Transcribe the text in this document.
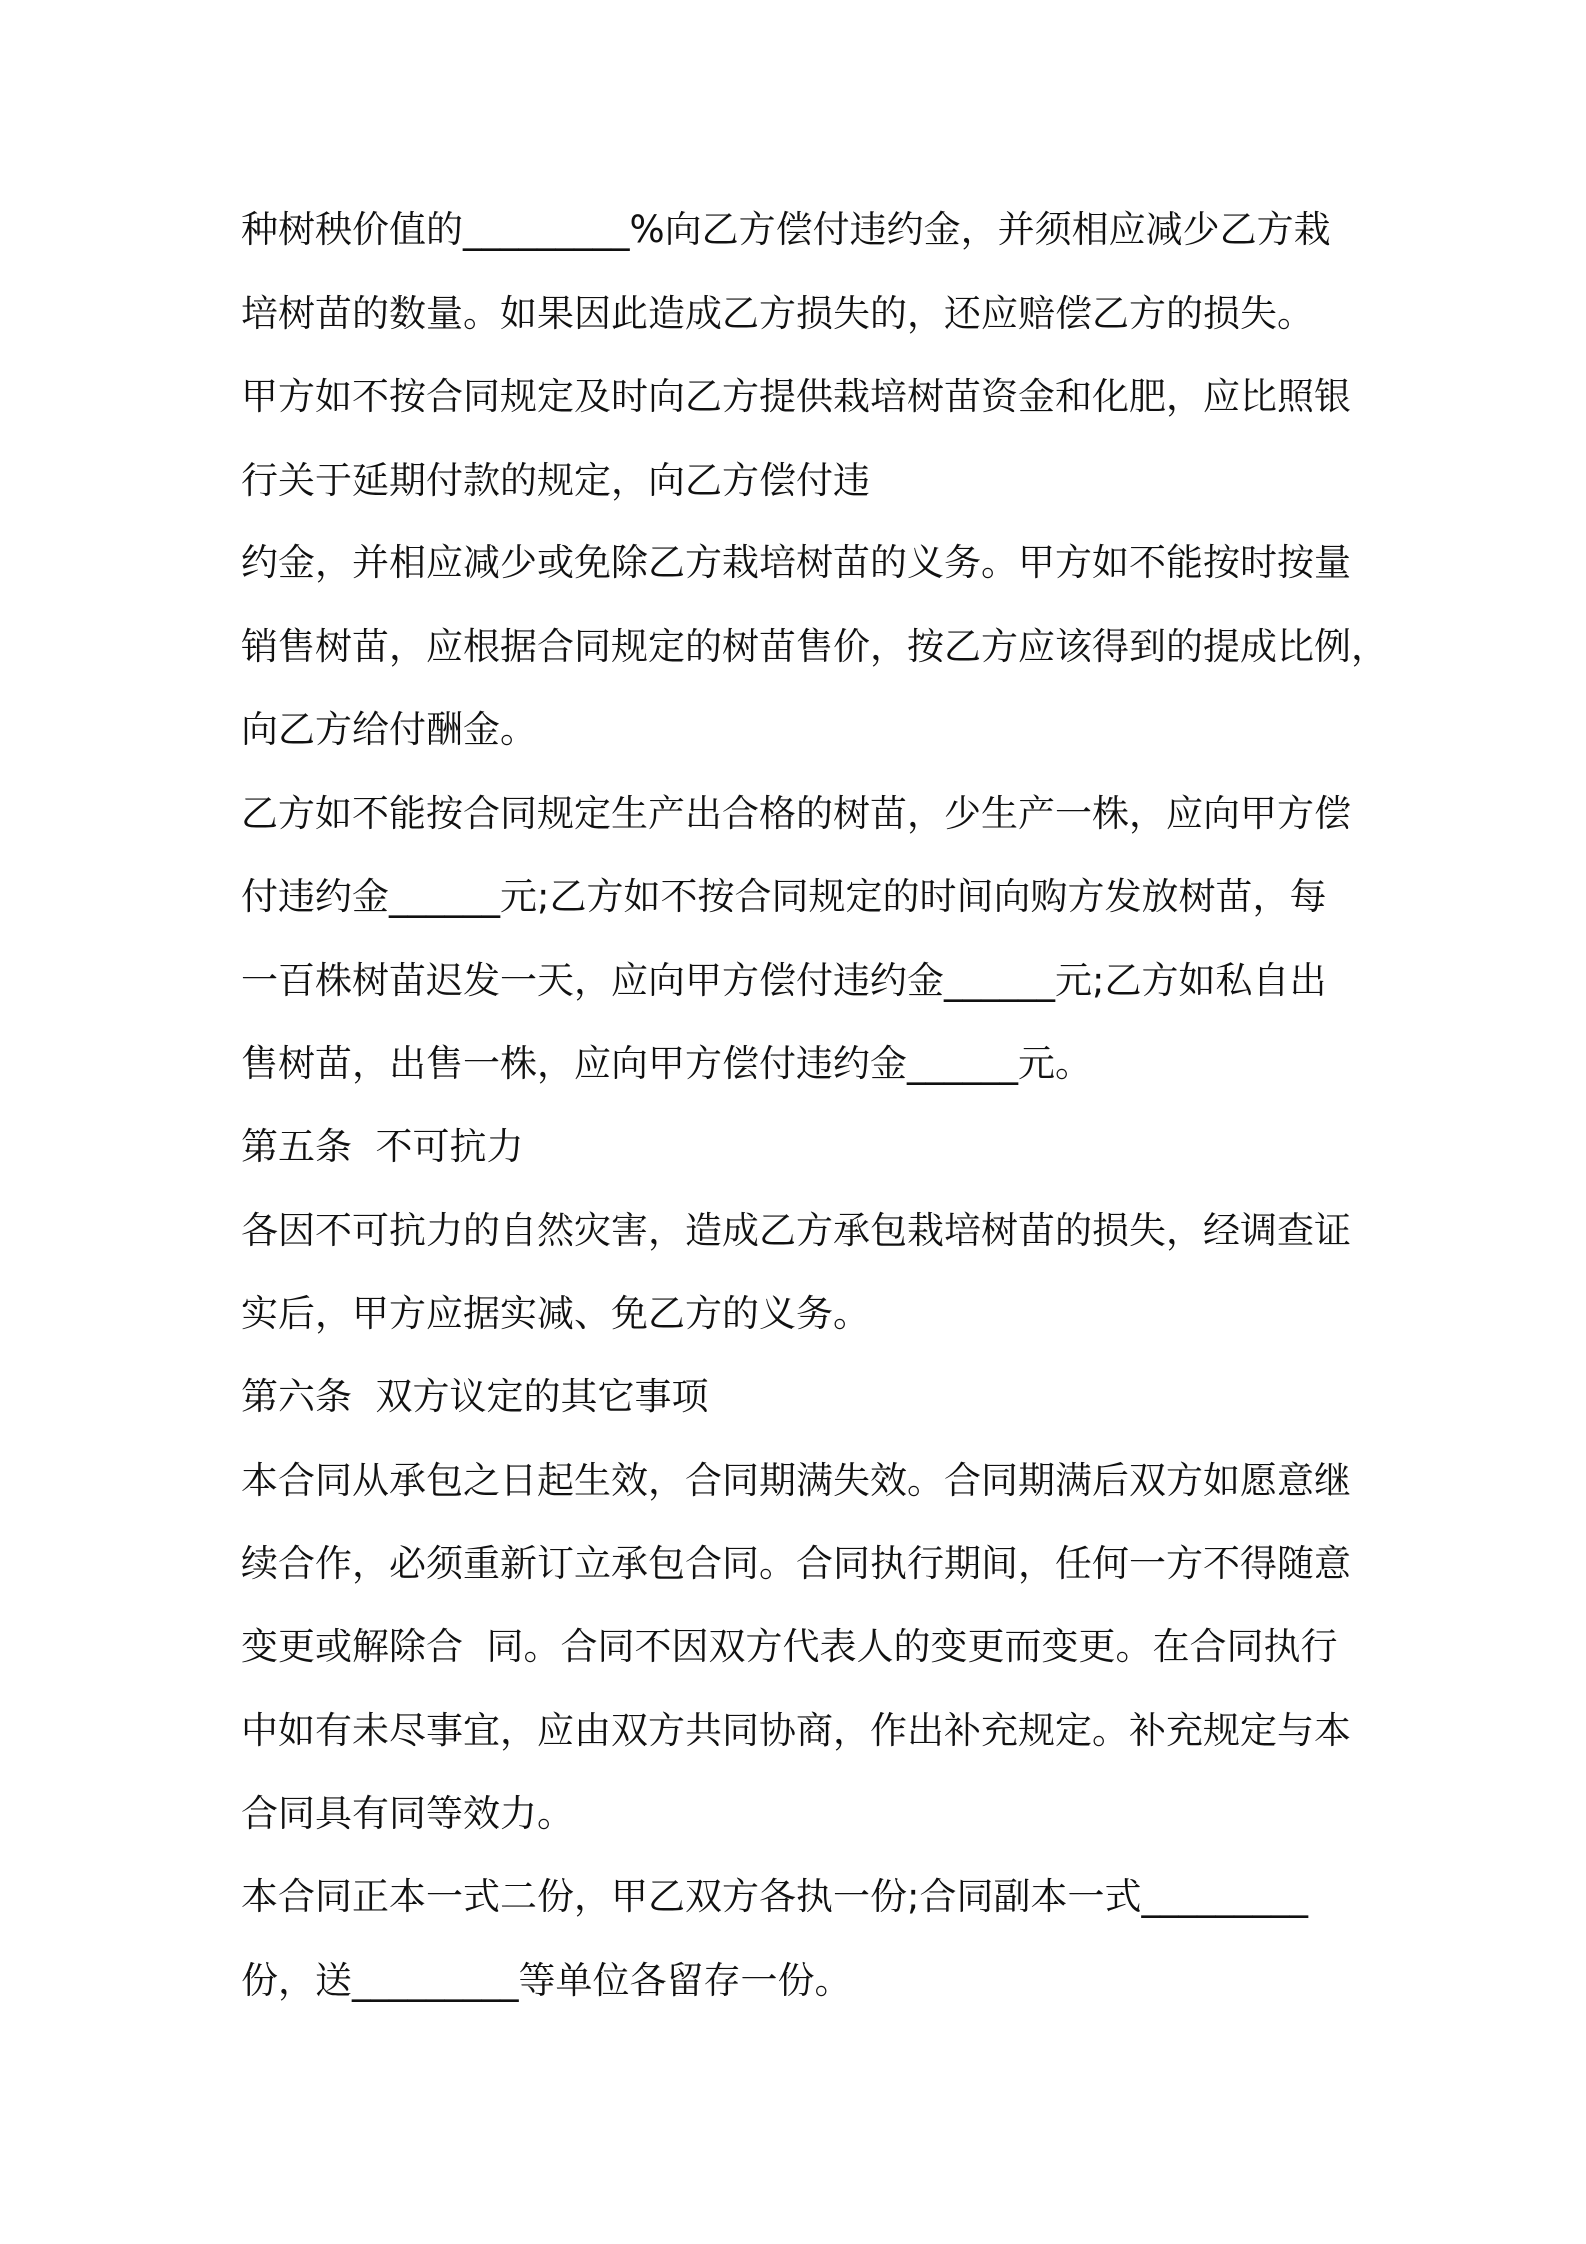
种树秧价值的_________%向乙方偿付违约金，并须相应减少乙方栽
培树苗的数量。如果因此造成乙方损失的，还应赔偿乙方的损失。
甲方如不按合同规定及时向乙方提供栽培树苗资金和化肥，应比照银
行关于延期付款的规定，向乙方偿付违
约金，并相应减少或免除乙方栽培树苗的义务。甲方如不能按时按量
销售树苗，应根据合同规定的树苗售价，按乙方应该得到的提成比例，
向乙方给付酬金。
乙方如不能按合同规定生产出合格的树苗，少生产一株，应向甲方偿
付违约金______元;乙方如不按合同规定的时间向购方发放树苗，每
一百株树苗迟发一天，应向甲方偿付违约金______元;乙方如私自出
售树苗，出售一株，应向甲方偿付违约金______元。
第五条  不可抗力
各因不可抗力的自然灾害，造成乙方承包栽培树苗的损失，经调查证
实后，甲方应据实减、免乙方的义务。
第六条  双方议定的其它事项
本合同从承包之日起生效，合同期满失效。合同期满后双方如愿意继
续合作，必须重新订立承包合同。合同执行期间，任何一方不得随意
变更或解除合  同。合同不因双方代表人的变更而变更。在合同执行
中如有未尽事宜，应由双方共同协商，作出补充规定。补充规定与本
合同具有同等效力。
本合同正本一式二份，甲乙双方各执一份;合同副本一式_________
份，送_________等单位各留存一份。
